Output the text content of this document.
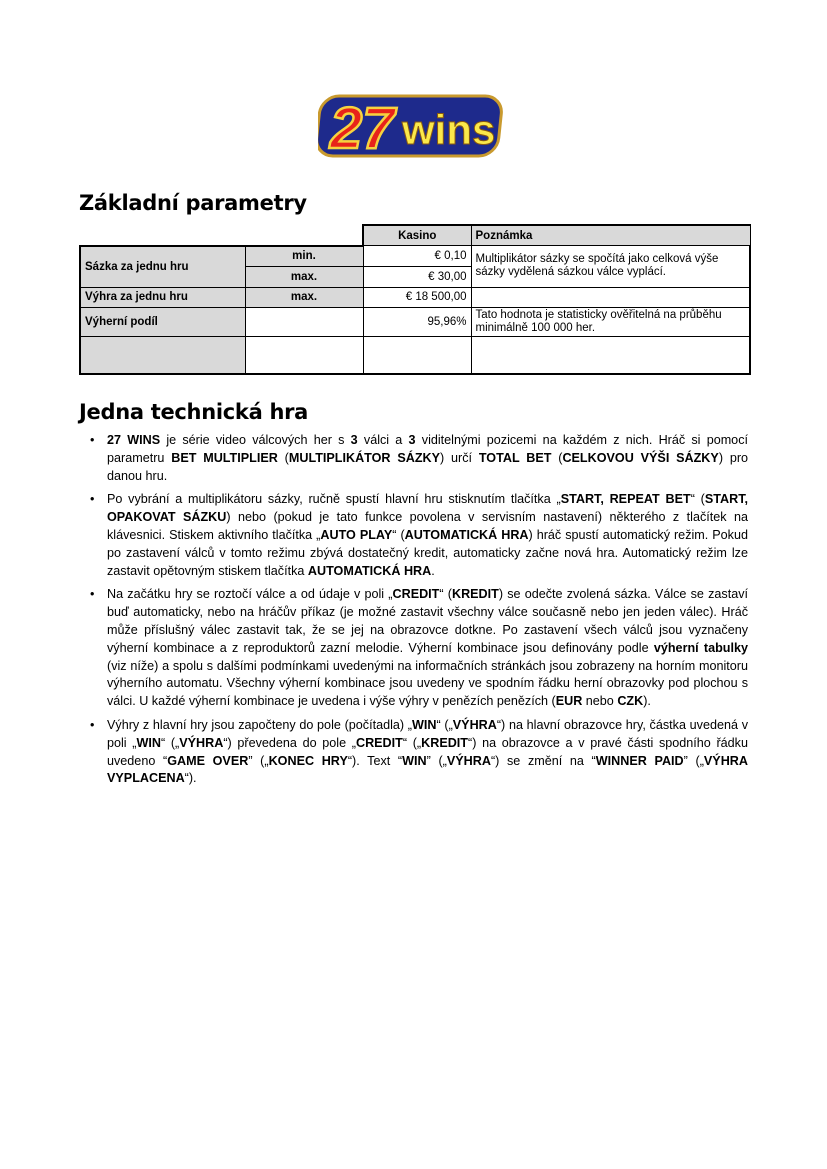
27 wins
Základní parametry
		Kasino	Poznámka
Sázka za jednu hru	min.	€ 0,10	Multiplikátor sázky se spočítá jako celková výše sázky vydělená sázkou válce vyplácí.
	max.	€ 30,00	
Výhra za jednu hru	max.	€ 18 500,00	
Výherní podíl		95,96%	Tato hodnota je statisticky ověřitelná na průběhu minimálně 100 000 her.

Jedna technická hra
• 27 WINS je série video válcových her s 3 válci a 3 viditelnými pozicemi na každém z nich. Hráč si pomocí parametru BET MULTIPLIER (MULTIPLIKÁTOR SÁZKY) určí TOTAL BET (CELKOVOU VÝŠI SÁZKY) pro danou hru.
• Po vybrání a multiplikátoru sázky, ručně spustí hlavní hru stisknutím tlačítka „START, REPEAT BET“ (START, OPAKOVAT SÁZKU) nebo (pokud je tato funkce povolena v servisním nastavení) některého z tlačítek na klávesnici. Stiskem aktivního tlačítka „AUTO PLAY“ (AUTOMATICKÁ HRA) hráč spustí automatický režim. Pokud po zastavení válců v tomto režimu zbývá dostatečný kredit, automaticky začne nová hra. Automatický režim lze zastavit opětovným stiskem tlačítka AUTOMATICKÁ HRA.
• Na začátku hry se roztočí válce a od údaje v poli „CREDIT“ (KREDIT) se odečte zvolená sázka. Válce se zastaví buď automaticky, nebo na hráčův příkaz (je možné zastavit všechny válce současně nebo jen jeden válec). Hráč může příslušný válec zastavit tak, že se jej na obrazovce dotkne. Po zastavení všech válců jsou vyznačeny výherní kombinace a z reproduktorů zazní melodie. Výherní kombinace jsou definovány podle výherní tabulky (viz níže) a spolu s dalšími podmínkami uvedenými na informačních stránkách jsou zobrazeny na horním monitoru výherního automatu. Všechny výherní kombinace jsou uvedeny ve spodním řádku herní obrazovky pod plochou s válci. U každé výherní kombinace je uvedena i výše výhry v penězích penězích (EUR nebo CZK).
• Výhry z hlavní hry jsou započteny do pole (počítadla) „WIN“ („VÝHRA“) na hlavní obrazovce hry, částka uvedená v poli „WIN“ („VÝHRA“) převedena do pole „CREDIT“ („KREDIT“) na obrazovce a v pravé části spodního řádku uvedeno “GAME OVER” („KONEC HRY“). Text “WIN” („VÝHRA“) se změní na “WINNER PAID” („VÝHRA VYPLACENA“).
